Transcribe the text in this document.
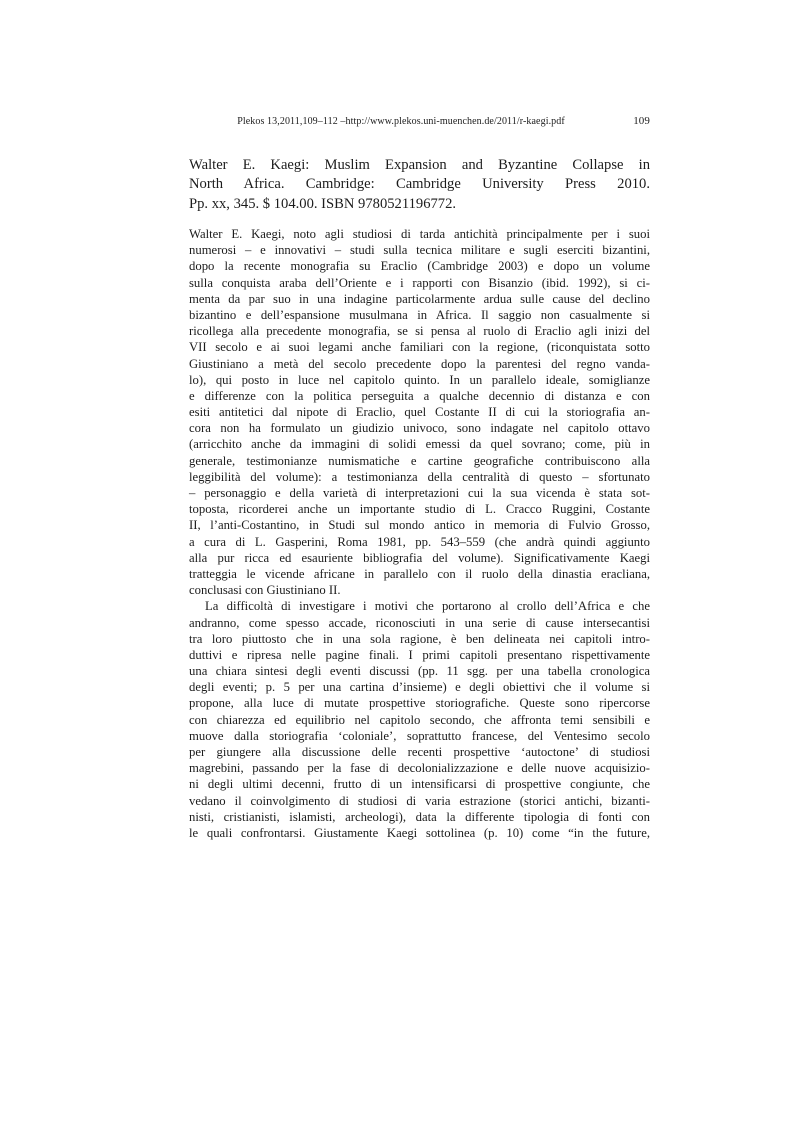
Plekos 13,2011,109–112 –http://www.plekos.uni-muenchen.de/2011/r-kaegi.pdf	109
Walter E. Kaegi: Muslim Expansion and Byzantine Collapse in
North Africa. Cambridge: Cambridge University Press 2010.
Pp. xx, 345. $ 104.00. ISBN 9780521196772.
Walter E. Kaegi, noto agli studiosi di tarda antichità principalmente per i suoi
numerosi – e innovativi – studi sulla tecnica militare e sugli eserciti bizantini,
dopo la recente monografia su Eraclio (Cambridge 2003) e dopo un volume
sulla conquista araba dell’Oriente e i rapporti con Bisanzio (ibid. 1992), si ci-
menta da par suo in una indagine particolarmente ardua sulle cause del declino
bizantino e dell’espansione musulmana in Africa. Il saggio non casualmente si
ricollega alla precedente monografia, se si pensa al ruolo di Eraclio agli inizi del
VII secolo e ai suoi legami anche familiari con la regione, (riconquistata sotto
Giustiniano a metà del secolo precedente dopo la parentesi del regno vanda-
lo), qui posto in luce nel capitolo quinto. In un parallelo ideale, somiglianze
e differenze con la politica perseguita a qualche decennio di distanza e con
esiti antitetici dal nipote di Eraclio, quel Costante II di cui la storiografia an-
cora non ha formulato un giudizio univoco, sono indagate nel capitolo ottavo
(arricchito anche da immagini di solidi emessi da quel sovrano; come, più in
generale, testimonianze numismatiche e cartine geografiche contribuiscono alla
leggibilità del volume): a testimonianza della centralità di questo – sfortunato
– personaggio e della varietà di interpretazioni cui la sua vicenda è stata sot-
toposta, ricorderei anche un importante studio di L. Cracco Ruggini, Costante
II, l’anti-Costantino, in Studi sul mondo antico in memoria di Fulvio Grosso,
a cura di L. Gasperini, Roma 1981, pp. 543–559 (che andrà quindi aggiunto
alla pur ricca ed esauriente bibliografia del volume). Significativamente Kaegi
tratteggia le vicende africane in parallelo con il ruolo della dinastia eracliana,
conclusasi con Giustiniano II.
La difficoltà di investigare i motivi che portarono al crollo dell’Africa e che
andranno, come spesso accade, riconosciuti in una serie di cause intersecantisi
tra loro piuttosto che in una sola ragione, è ben delineata nei capitoli intro-
duttivi e ripresa nelle pagine finali. I primi capitoli presentano rispettivamente
una chiara sintesi degli eventi discussi (pp. 11 sgg. per una tabella cronologica
degli eventi; p. 5 per una cartina d’insieme) e degli obiettivi che il volume si
propone, alla luce di mutate prospettive storiografiche. Queste sono ripercorse
con chiarezza ed equilibrio nel capitolo secondo, che affronta temi sensibili e
muove dalla storiografia ‘coloniale’, soprattutto francese, del Ventesimo secolo
per giungere alla discussione delle recenti prospettive ‘autoctone’ di studiosi
magrebini, passando per la fase di decolonializzazione e delle nuove acquisizio-
ni degli ultimi decenni, frutto di un intensificarsi di prospettive congiunte, che
vedano il coinvolgimento di studiosi di varia estrazione (storici antichi, bizanti-
nisti, cristianisti, islamisti, archeologi), data la differente tipologia di fonti con
le quali confrontarsi. Giustamente Kaegi sottolinea (p. 10) come “in the future,
